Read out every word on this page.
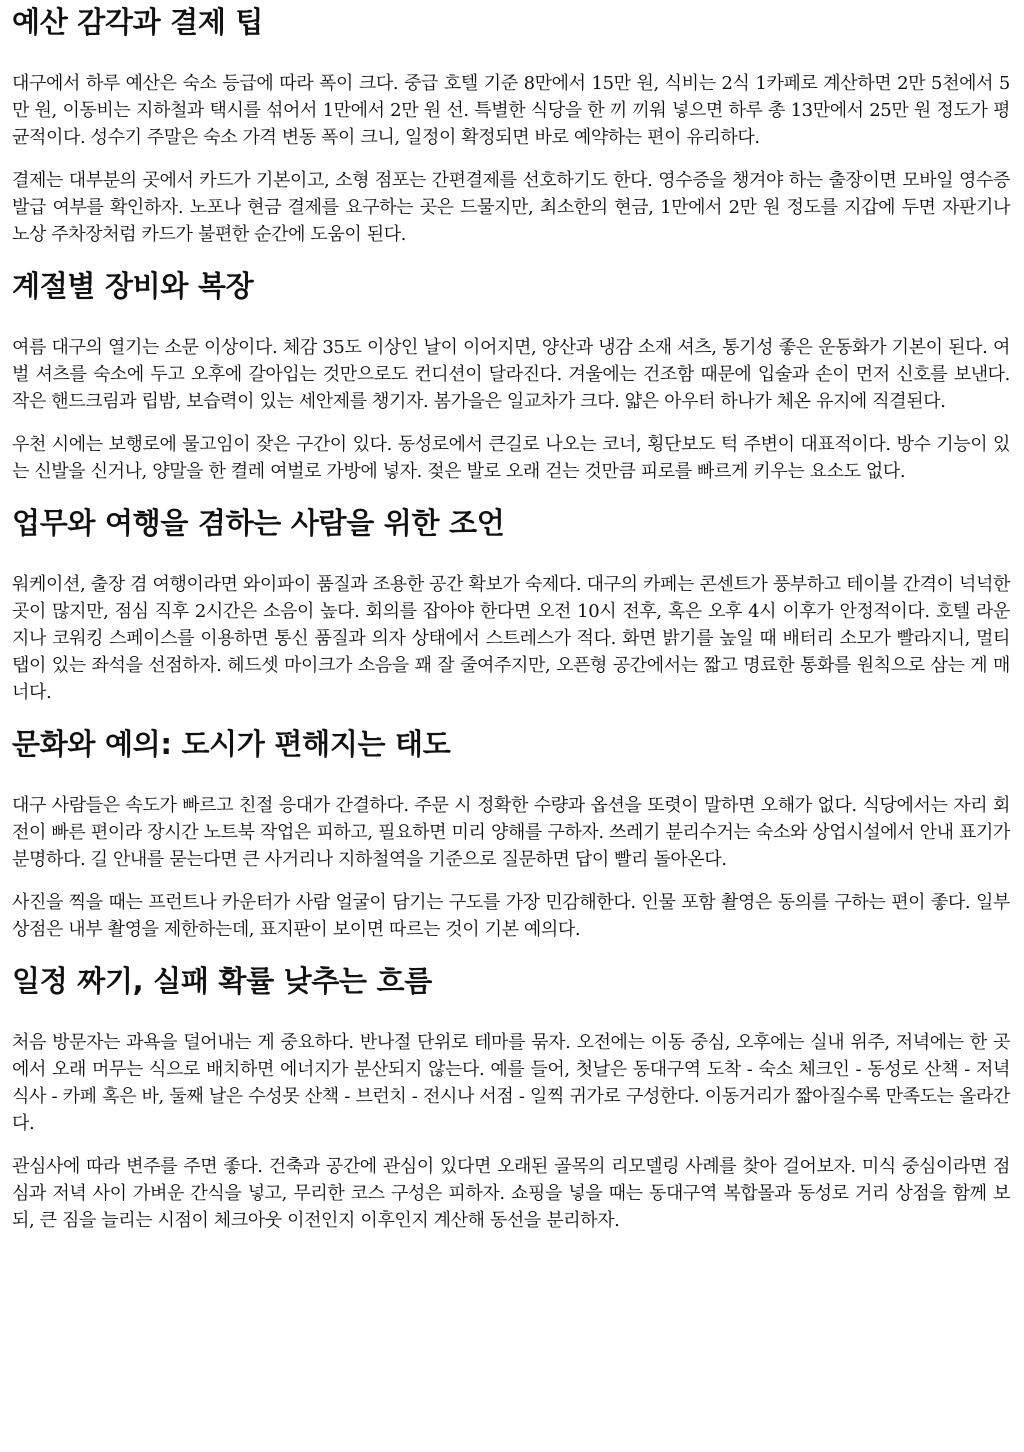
예산 감각과 결제 팁

대구에서 하루 예산은 숙소 등급에 따라 폭이 크다. 중급 호텔 기준 8만에서 15만 원, 식비는 2식 1카페로 계산하면 2만 5천에서 5만 원, 이동비는 지하철과 택시를 섞어서 1만에서 2만 원 선. 특별한 식당을 한 끼 끼워 넣으면 하루 총 13만에서 25만 원 정도가 평균적이다. 성수기 주말은 숙소 가격 변동 폭이 크니, 일정이 확정되면 바로 예약하는 편이 유리하다.

결제는 대부분의 곳에서 카드가 기본이고, 소형 점포는 간편결제를 선호하기도 한다. 영수증을 챙겨야 하는 출장이면 모바일 영수증 발급 여부를 확인하자. 노포나 현금 결제를 요구하는 곳은 드물지만, 최소한의 현금, 1만에서 2만 원 정도를 지갑에 두면 자판기나 노상 주차장처럼 카드가 불편한 순간에 도움이 된다.

계절별 장비와 복장

여름 대구의 열기는 소문 이상이다. 체감 35도 이상인 날이 이어지면, 양산과 냉감 소재 셔츠, 통기성 좋은 운동화가 기본이 된다. 여벌 셔츠를 숙소에 두고 오후에 갈아입는 것만으로도 컨디션이 달라진다. 겨울에는 건조함 때문에 입술과 손이 먼저 신호를 보낸다. 작은 핸드크림과 립밤, 보습력이 있는 세안제를 챙기자. 봄가을은 일교차가 크다. 얇은 아우터 하나가 체온 유지에 직결된다.

우천 시에는 보행로에 물고임이 잦은 구간이 있다. 동성로에서 큰길로 나오는 코너, 횡단보도 턱 주변이 대표적이다. 방수 기능이 있는 신발을 신거나, 양말을 한 켤레 여벌로 가방에 넣자. 젖은 발로 오래 걷는 것만큼 피로를 빠르게 키우는 요소도 없다.

업무와 여행을 겸하는 사람을 위한 조언

워케이션, 출장 겸 여행이라면 와이파이 품질과 조용한 공간 확보가 숙제다. 대구의 카페는 콘센트가 풍부하고 테이블 간격이 넉넉한 곳이 많지만, 점심 직후 2시간은 소음이 높다. 회의를 잡아야 한다면 오전 10시 전후, 혹은 오후 4시 이후가 안정적이다. 호텔 라운지나 코워킹 스페이스를 이용하면 통신 품질과 의자 상태에서 스트레스가 적다. 화면 밝기를 높일 때 배터리 소모가 빨라지니, 멀티탭이 있는 좌석을 선점하자. 헤드셋 마이크가 소음을 꽤 잘 줄여주지만, 오픈형 공간에서는 짧고 명료한 통화를 원칙으로 삼는 게 매너다.

문화와 예의: 도시가 편해지는 태도

대구 사람들은 속도가 빠르고 친절 응대가 간결하다. 주문 시 정확한 수량과 옵션을 또렷이 말하면 오해가 없다. 식당에서는 자리 회전이 빠른 편이라 장시간 노트북 작업은 피하고, 필요하면 미리 양해를 구하자. 쓰레기 분리수거는 숙소와 상업시설에서 안내 표기가 분명하다. 길 안내를 묻는다면 큰 사거리나 지하철역을 기준으로 질문하면 답이 빨리 돌아온다.

사진을 찍을 때는 프런트나 카운터가 사람 얼굴이 담기는 구도를 가장 민감해한다. 인물 포함 촬영은 동의를 구하는 편이 좋다. 일부 상점은 내부 촬영을 제한하는데, 표지판이 보이면 따르는 것이 기본 예의다.

일정 짜기, 실패 확률 낮추는 흐름

처음 방문자는 과욕을 덜어내는 게 중요하다. 반나절 단위로 테마를 묶자. 오전에는 이동 중심, 오후에는 실내 위주, 저녁에는 한 곳에서 오래 머무는 식으로 배치하면 에너지가 분산되지 않는다. 예를 들어, 첫날은 동대구역 도착 - 숙소 체크인 - 동성로 산책 - 저녁 식사 - 카페 혹은 바, 둘째 날은 수성못 산책 - 브런치 - 전시나 서점 - 일찍 귀가로 구성한다. 이동거리가 짧아질수록 만족도는 올라간다.

관심사에 따라 변주를 주면 좋다. 건축과 공간에 관심이 있다면 오래된 골목의 리모델링 사례를 찾아 걸어보자. 미식 중심이라면 점심과 저녁 사이 가벼운 간식을 넣고, 무리한 코스 구성은 피하자. 쇼핑을 넣을 때는 동대구역 복합몰과 동성로 거리 상점을 함께 보되, 큰 짐을 늘리는 시점이 체크아웃 이전인지 이후인지 계산해 동선을 분리하자.
